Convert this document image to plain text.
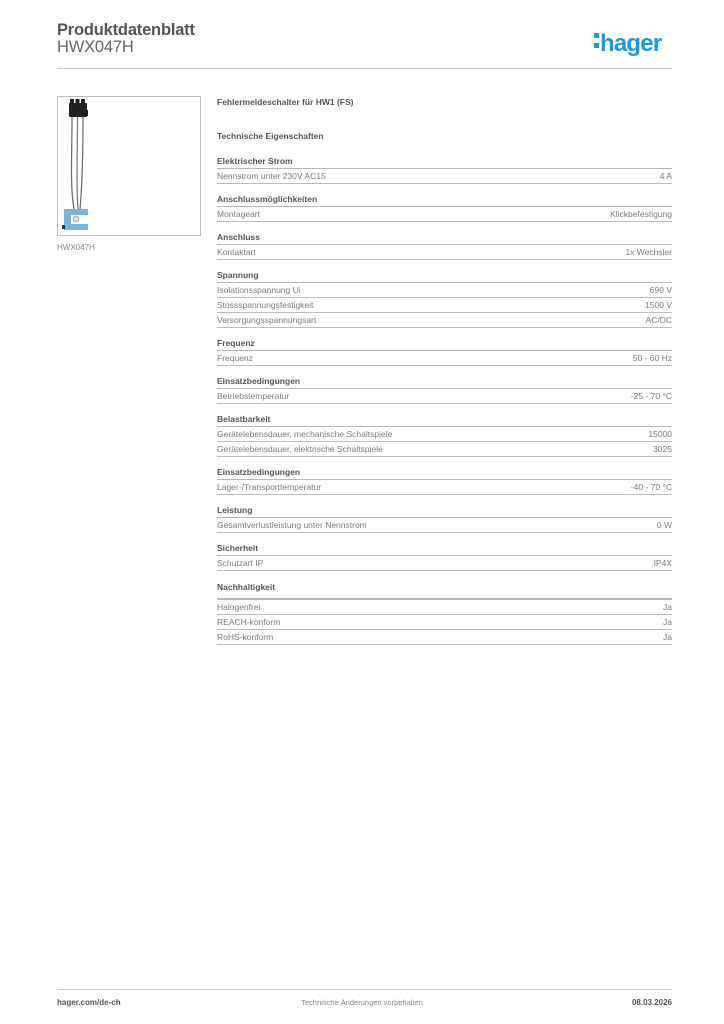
Produktdatenblatt
HWX047H	hager
HWX047H
Fehlermeldeschalter für HW1 (FS)
Technische Eigenschaften
Elektrischer Strom
Nennstrom unter 230V AC15	4 A
Anschlussmöglichkeiten
Montageart	Klickbefestigung
Anschluss
Kontaktart	1x Wechsler
Spannung
Isolationsspannung Ui	690 V
Stossspannungsfestigkeit	1500 V
Versorgungsspannungsart	AC/DC
Frequenz
Frequenz	50 - 60 Hz
Einsatzbedingungen
Betriebstemperatur	-25 - 70 °C
Belastbarkeit
Gerätelebensdauer, mechanische Schaltspiele	15000
Gerätelebensdauer, elektrische Schaltspiele	3025
Einsatzbedingungen
Lager-/Transporttemperatur	-40 - 70 °C
Leistung
Gesamtverlustleistung unter Nennstrom	0 W
Sicherheit
Schutzart IP	IP4X
Nachhaltigkeit
Halogenfrei	Ja
REACH-konform	Ja
RoHS-konform	Ja
hager.com/de-ch	Technische Änderungen vorbehalten	08.03.2026
